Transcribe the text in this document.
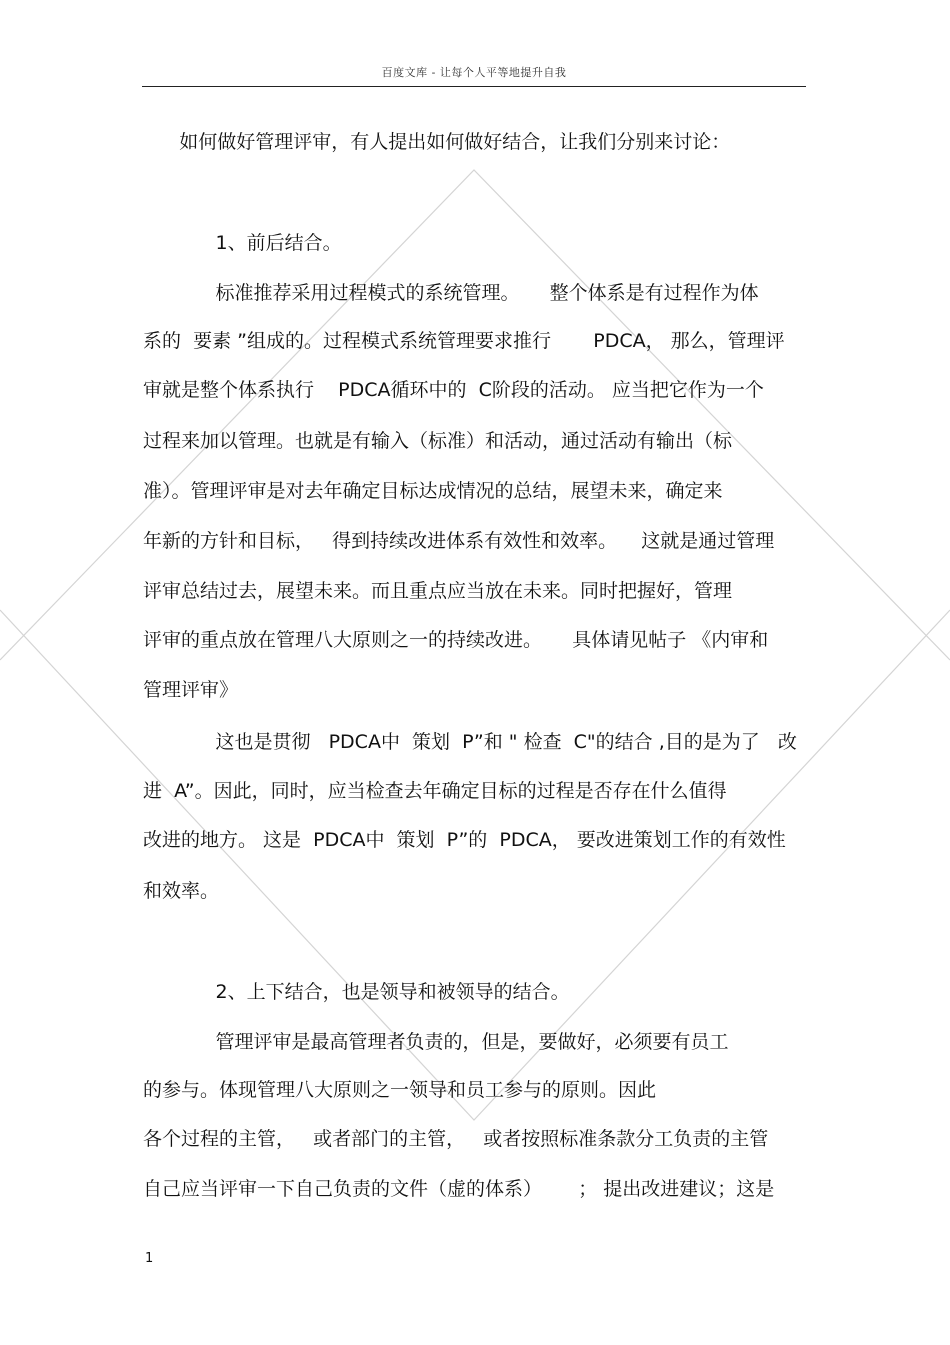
百度文库 - 让每个人平等地提升自我
如何做好管理评审，有人提出如何做好结合，让我们分别来讨论：
1、前后结合。
标准推荐采用过程模式的系统管理。     整个体系是有过程作为体
系的  要素 ”组成的。过程模式系统管理要求推行       PDCA， 那么，管理评
审就是整个体系执行    PDCA循环中的  C阶段的活动。 应当把它作为一个
过程来加以管理。也就是有输入（标准）和活动，通过活动有输出（标
准）。管理评审是对去年确定目标达成情况的总结，展望未来，确定来
年新的方针和目标，   得到持续改进体系有效性和效率。    这就是通过管理
评审总结过去，展望未来。而且重点应当放在未来。同时把握好，管理
评审的重点放在管理八大原则之一的持续改进。     具体请见帖子 《内审和
管理评审》
这也是贯彻   PDCA中  策划  P”和 " 检查  C"的结合 ,目的是为了   改
进  A”。因此，同时，应当检查去年确定目标的过程是否存在什么值得
改进的地方。 这是  PDCA中  策划  P”的  PDCA， 要改进策划工作的有效性
和效率。
2、上下结合，也是领导和被领导的结合。
管理评审是最高管理者负责的，但是，要做好，必须要有员工
的参与。体现管理八大原则之一领导和员工参与的原则。因此
各个过程的主管，   或者部门的主管，   或者按照标准条款分工负责的主管
自己应当评审一下自己负责的文件（虚的体系）      ； 提出改进建议；这是
1
